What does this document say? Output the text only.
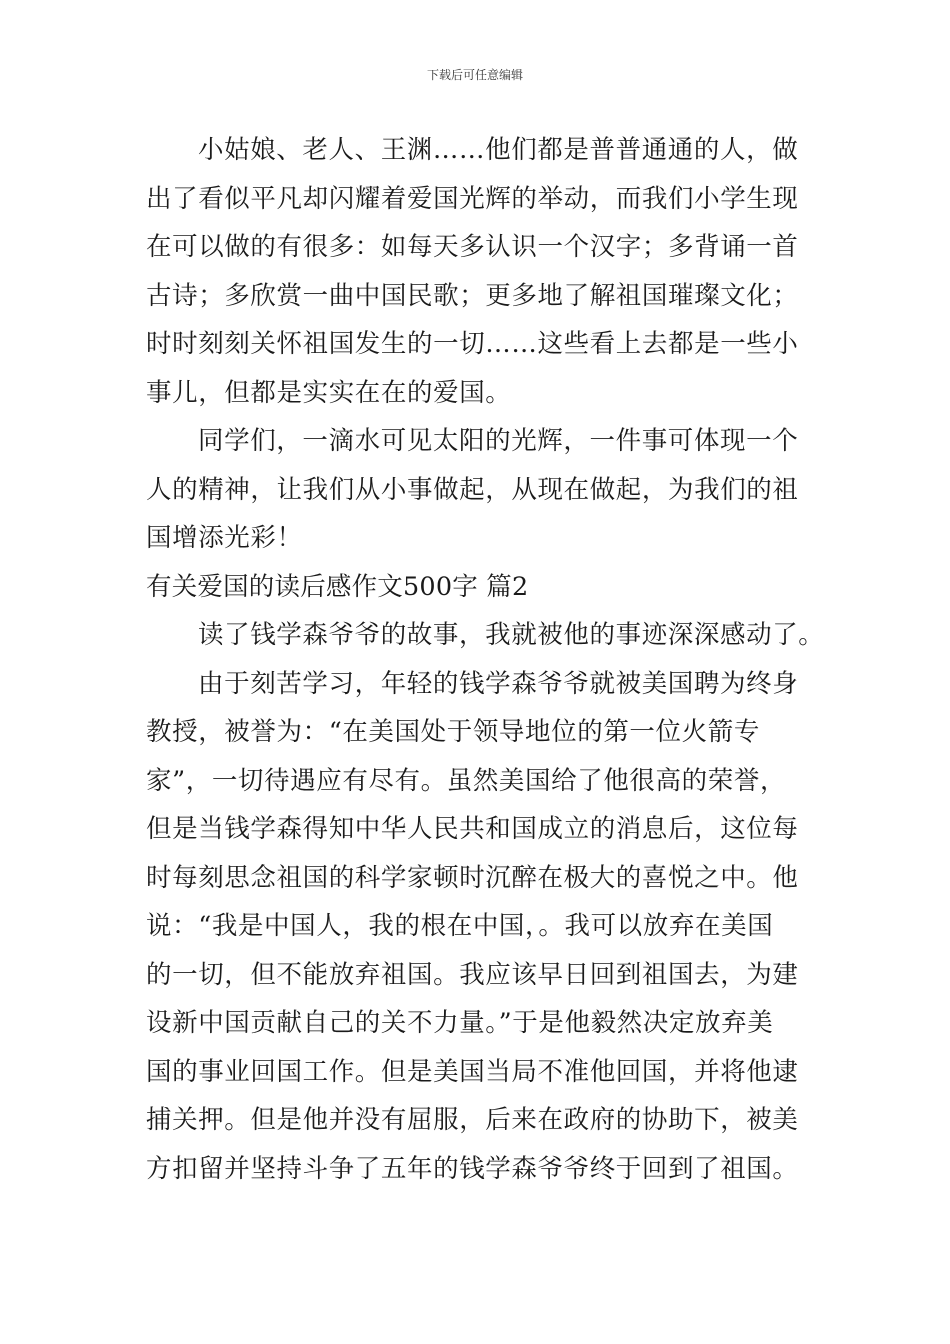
下载后可任意编辑

小姑娘、老人、王渊……他们都是普普通通的人，做
出了看似平凡却闪耀着爱国光辉的举动，而我们小学生现
在可以做的有很多：如每天多认识一个汉字；多背诵一首
古诗；多欣赏一曲中国民歌；更多地了解祖国璀璨文化；
时时刻刻关怀祖国发生的一切……这些看上去都是一些小
事儿，但都是实实在在的爱国。

同学们，一滴水可见太阳的光辉，一件事可体现一个
人的精神，让我们从小事做起，从现在做起，为我们的祖
国增添光彩！

有关爱国的读后感作文500字 篇2

读了钱学森爷爷的故事，我就被他的事迹深深感动了。

由于刻苦学习，年轻的钱学森爷爷就被美国聘为终身
教授，被誉为：“在美国处于领导地位的第一位火箭专
家”，一切待遇应有尽有。虽然美国给了他很高的荣誉，
但是当钱学森得知中华人民共和国成立的消息后，这位每
时每刻思念祖国的科学家顿时沉醉在极大的喜悦之中。他
说：“我是中国人，我的根在中国，。我可以放弃在美国
的一切，但不能放弃祖国。我应该早日回到祖国去，为建
设新中国贡献自己的关不力量。”于是他毅然决定放弃美
国的事业回国工作。但是美国当局不准他回国，并将他逮
捕关押。但是他并没有屈服，后来在政府的协助下，被美
方扣留并坚持斗争了五年的钱学森爷爷终于回到了祖国。
